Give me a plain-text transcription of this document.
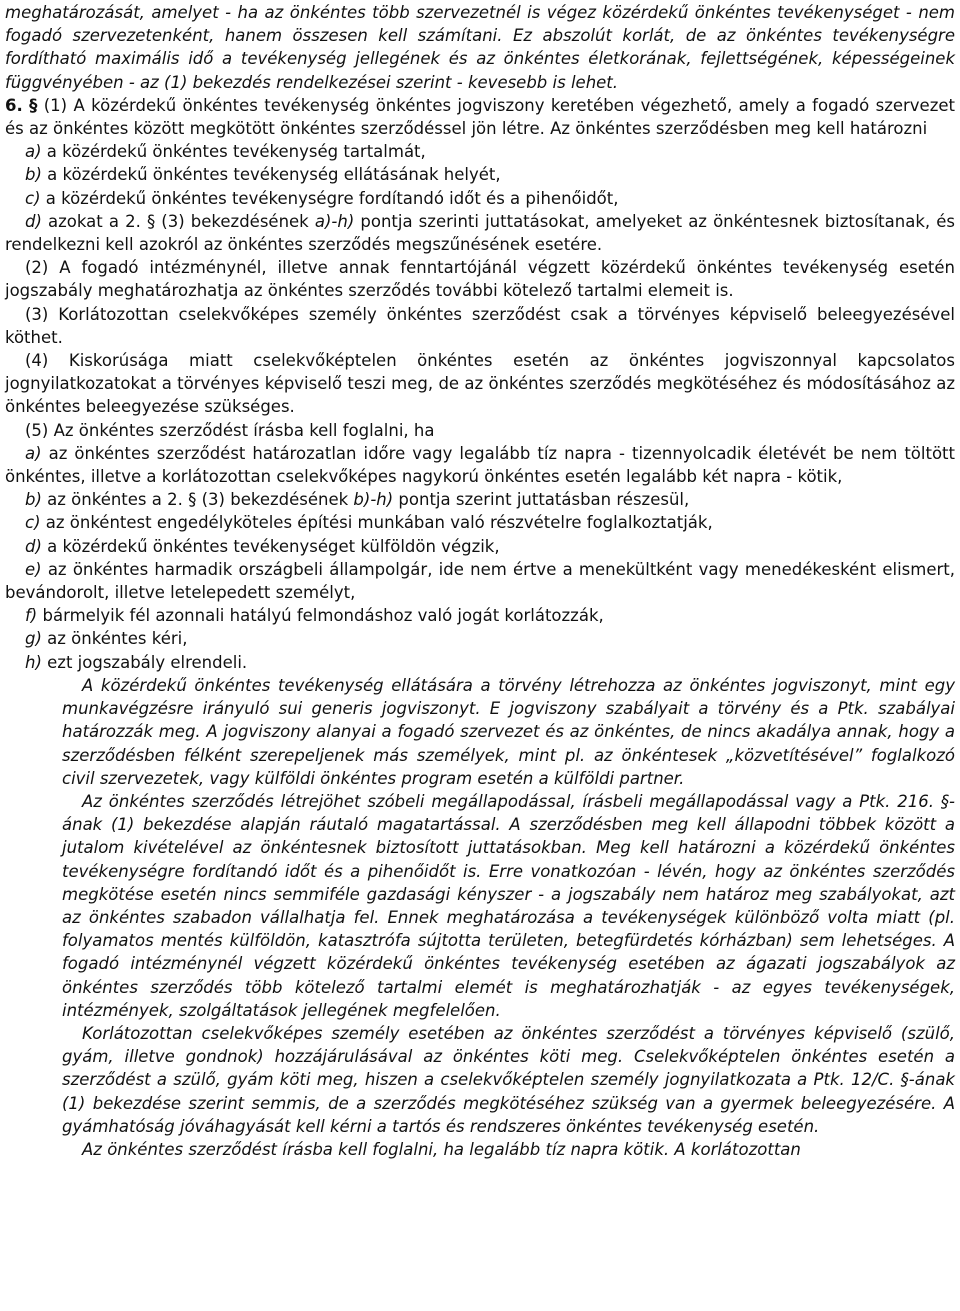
meghatározását, amelyet - ha az önkéntes több szervezetnél is végez közérdekű önkéntes tevékenységet - nem fogadó szervezetenként, hanem összesen kell számítani. Ez abszolút korlát, de az önkéntes tevékenységre fordítható maximális idő a tevékenység jellegének és az önkéntes életkorának, fejlettségének, képességeinek függvényében - az (1) bekezdés rendelkezései szerint - kevesebb is lehet.

6. § (1) A közérdekű önkéntes tevékenység önkéntes jogviszony keretében végezhető, amely a fogadó szervezet és az önkéntes között megkötött önkéntes szerződéssel jön létre. Az önkéntes szerződésben meg kell határozni

a) a közérdekű önkéntes tevékenység tartalmát,

b) a közérdekű önkéntes tevékenység ellátásának helyét,

c) a közérdekű önkéntes tevékenységre fordítandó időt és a pihenőidőt,

d) azokat a 2. § (3) bekezdésének a)-h) pontja szerinti juttatásokat, amelyeket az önkéntesnek biztosítanak, és rendelkezni kell azokról az önkéntes szerződés megszűnésének esetére.

(2) A fogadó intézménynél, illetve annak fenntartójánál végzett közérdekű önkéntes tevékenység esetén jogszabály meghatározhatja az önkéntes szerződés további kötelező tartalmi elemeit is.

(3) Korlátozottan cselekvőképes személy önkéntes szerződést csak a törvényes képviselő beleegyezésével köthet.

(4) Kiskorúsága miatt cselekvőképtelen önkéntes esetén az önkéntes jogviszonnyal kapcsolatos jognyilatkozatokat a törvényes képviselő teszi meg, de az önkéntes szerződés megkötéséhez és módosításához az önkéntes beleegyezése szükséges.

(5) Az önkéntes szerződést írásba kell foglalni, ha

a) az önkéntes szerződést határozatlan időre vagy legalább tíz napra - tizennyolcadik életévét be nem töltött önkéntes, illetve a korlátozottan cselekvőképes nagykorú önkéntes esetén legalább két napra - kötik,

b) az önkéntes a 2. § (3) bekezdésének b)-h) pontja szerint juttatásban részesül,

c) az önkéntest engedélyköteles építési munkában való részvételre foglalkoztatják,

d) a közérdekű önkéntes tevékenységet külföldön végzik,

e) az önkéntes harmadik országbeli állampolgár, ide nem értve a menekültként vagy menedékesként elismert, bevándorolt, illetve letelepedett személyt,

f) bármelyik fél azonnali hatályú felmondáshoz való jogát korlátozzák,

g) az önkéntes kéri,

h) ezt jogszabály elrendeli.

A közérdekű önkéntes tevékenység ellátására a törvény létrehozza az önkéntes jogviszonyt, mint egy munkavégzésre irányuló sui generis jogviszonyt. E jogviszony szabályait a törvény és a Ptk. szabályai határozzák meg. A jogviszony alanyai a fogadó szervezet és az önkéntes, de nincs akadálya annak, hogy a szerződésben félként szerepeljenek más személyek, mint pl. az önkéntesek „közvetítésével” foglalkozó civil szervezetek, vagy külföldi önkéntes program esetén a külföldi partner.

Az önkéntes szerződés létrejöhet szóbeli megállapodással, írásbeli megállapodással vagy a Ptk. 216. §-ának (1) bekezdése alapján ráutaló magatartással. A szerződésben meg kell állapodni többek között a jutalom kivételével az önkéntesnek biztosított juttatásokban. Meg kell határozni a közérdekű önkéntes tevékenységre fordítandó időt és a pihenőidőt is. Erre vonatkozóan - lévén, hogy az önkéntes szerződés megkötése esetén nincs semmiféle gazdasági kényszer - a jogszabály nem határoz meg szabályokat, azt az önkéntes szabadon vállalhatja fel. Ennek meghatározása a tevékenységek különböző volta miatt (pl. folyamatos mentés külföldön, katasztrófa sújtotta területen, betegfürdetés kórházban) sem lehetséges. A fogadó intézménynél végzett közérdekű önkéntes tevékenység esetében az ágazati jogszabályok az önkéntes szerződés több kötelező tartalmi elemét is meghatározhatják - az egyes tevékenységek, intézmények, szolgáltatások jellegének megfelelően.

Korlátozottan cselekvőképes személy esetében az önkéntes szerződést a törvényes képviselő (szülő, gyám, illetve gondnok) hozzájárulásával az önkéntes köti meg. Cselekvőképtelen önkéntes esetén a szerződést a szülő, gyám köti meg, hiszen a cselekvőképtelen személy jognyilatkozata a Ptk. 12/C. §-ának (1) bekezdése szerint semmis, de a szerződés megkötéséhez szükség van a gyermek beleegyezésére. A gyámhatóság jóváhagyását kell kérni a tartós és rendszeres önkéntes tevékenység esetén.

Az önkéntes szerződést írásba kell foglalni, ha legalább tíz napra kötik. A korlátozottan
